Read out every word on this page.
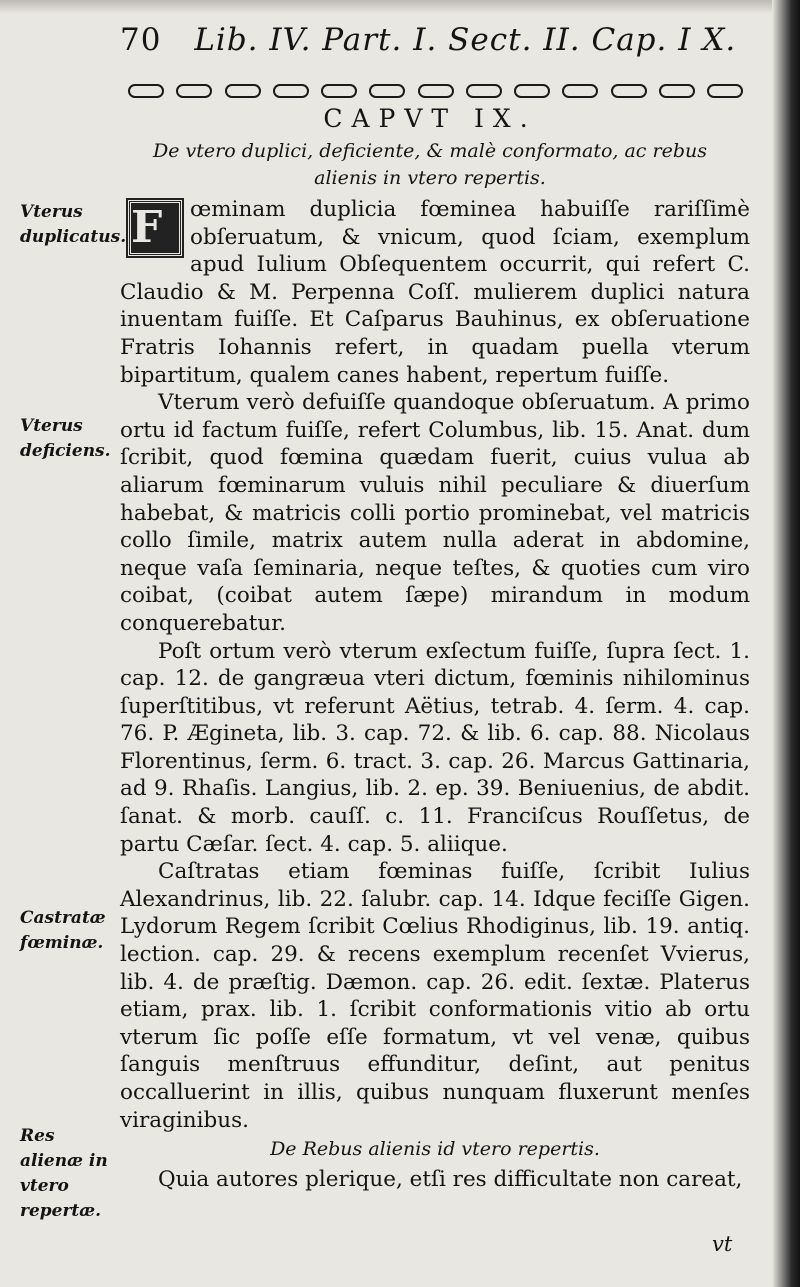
70 Lib. IV. Part. I. Sect. II. Cap. I X.
CAPVT IX.
De vtero duplici, deficiente, & malè conformato, ac rebus
alienis in vtero repertis.
Vterus duplicatus.
Vterus deficiens.
Castratæ fœminæ.
Res alienæ in vtero repertæ.

F	œminam duplicia fœminea habuiſſe rariſſimè obſeruatum, & vnicum, quod ſciam, exemplum apud Iulium Obſequentem occurrit, qui refert C. Claudio & M. Perpenna Coſſ. mulierem duplici natura inuentam fuiſſe. Et Caſparus Bauhinus, ex obſeruatione Fratris Iohannis refert, in quadam puella vterum bipartitum, qualem canes habent, repertum fuiſſe.

Vterum verò defuiſſe quandoque obſeruatum. A primo ortu id factum fuiſſe, refert Columbus, lib. 15. Anat. dum ſcribit, quod fœmina quædam fuerit, cuius vulua ab aliarum fœminarum vuluis nihil peculiare & diuerſum habebat, & matricis colli portio prominebat, vel matricis collo ſimile, matrix autem nulla aderat in abdomine, neque vaſa ſeminaria, neque teſtes, & quoties cum viro coibat, (coibat autem ſæpe) mirandum in modum conquerebatur.

Poſt ortum verò vterum exſectum fuiſſe, ſupra ſect. 1. cap. 12. de gangræua vteri dictum, fœminis nihilominus ſuperſtitibus, vt referunt Aëtius, tetrab. 4. ſerm. 4. cap. 76. P. Ægineta, lib. 3. cap. 72. & lib. 6. cap. 88. Nicolaus Florentinus, ſerm. 6. tract. 3. cap. 26. Marcus Gattinaria, ad 9. Rhaſis. Langius, lib. 2. ep. 39. Beniuenius, de abdit. ſanat. & morb. cauſſ. c. 11. Franciſcus Rouſſetus, de partu Cæſar. ſect. 4. cap. 5. aliique.

Caſtratas etiam fœminas fuiſſe, ſcribit Iulius Alexandrinus, lib. 22. ſalubr. cap. 14. Idque feciſſe Gigen. Lydorum Regem ſcribit Cœlius Rhodiginus, lib. 19. antiq. lection. cap. 29. & recens exemplum recenſet Vvierus, lib. 4. de præſtig. Dæmon. cap. 26. edit. ſextæ. Platerus etiam, prax. lib. 1. ſcribit conformationis vitio ab ortu vterum ſic poſſe eſſe formatum, vt vel venæ, quibus ſanguis menſtruus effunditur, deſint, aut penitus occalluerint in illis, quibus nunquam fluxerunt menſes viraginibus.

De Rebus alienis id vtero repertis.

Quia autores plerique, etſi res difficultate non careat,

vt
